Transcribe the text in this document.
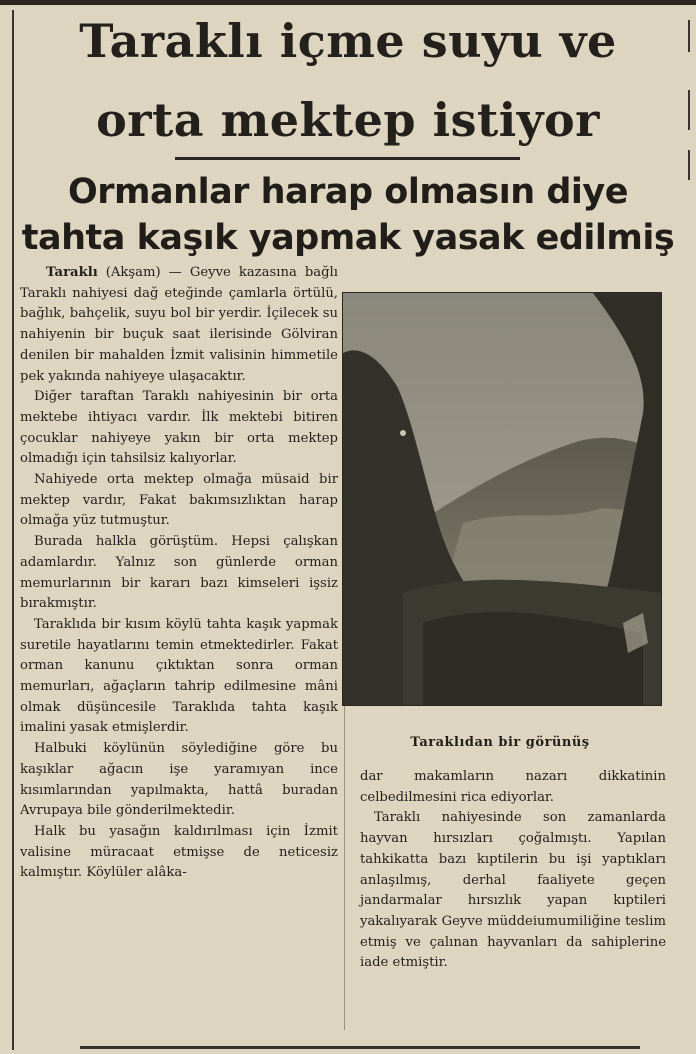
Taraklı içme suyu ve
orta mektep istiyor
Ormanlar harap olmasın diye
tahta kaşık yapmak yasak edilmiş

Taraklı (Akşam) — Geyve kazasına bağlı Taraklı nahiyesi dağ eteğinde çamlarla örtülü, bağlık, bahçelik, suyu bol bir yerdir. İçilecek su nahiyenin bir buçuk saat ilerisinde Gölviran denilen bir mahalden İzmit valisinin himmetile pek yakında nahiyeye ulaşacaktır.

Diğer taraftan Taraklı nahiyesinin bir orta mektebe ihtiyacı vardır. İlk mektebi bitiren çocuklar nahiyeye yakın bir orta mektep olmadığı için tahsilsiz kalıyorlar.

Nahiyede orta mektep olmağa müsaid bir mektep vardır, Fakat bakımsızlıktan harap olmağa yüz tutmuştur.

Burada halkla görüştüm. Hepsi çalışkan adamlardır. Yalnız son günlerde orman memurlarının bir kararı bazı kimseleri işsiz bırakmıştır.

Taraklıda bir kısım köylü tahta kaşık yapmak suretile hayatlarını temin etmektedirler. Fakat orman kanunu çıktıktan sonra orman memurları, ağaçların tahrip edilmesine mâni olmak düşüncesile Taraklıda tahta kaşık imalini yasak etmişlerdir.

Halbuki köylünün söylediğine göre bu kaşıklar ağacın işe yaramıyan ince kısımlarından yapılmakta, hattâ buradan Avrupaya bile gönderilmektedir.

Halk bu yasağın kaldırılması için İzmit valisine müracaat etmişse de neticesiz kalmıştır. Köylüler alâka-

Taraklıdan bir görünüş

dar makamların nazarı dikkatinin celbedilmesini rica ediyorlar.

Taraklı nahiyesinde son zamanlarda hayvan hırsızları çoğalmıştı. Yapılan tahkikatta bazı kıptilerin bu işi yaptıkları anlaşılmış, derhal faaliyete geçen jandarmalar hırsızlık yapan kıptileri yakalıyarak Geyve müddeiumumiliğine teslim etmiş ve çalınan hayvanları da sahiplerine iade etmiştir.
